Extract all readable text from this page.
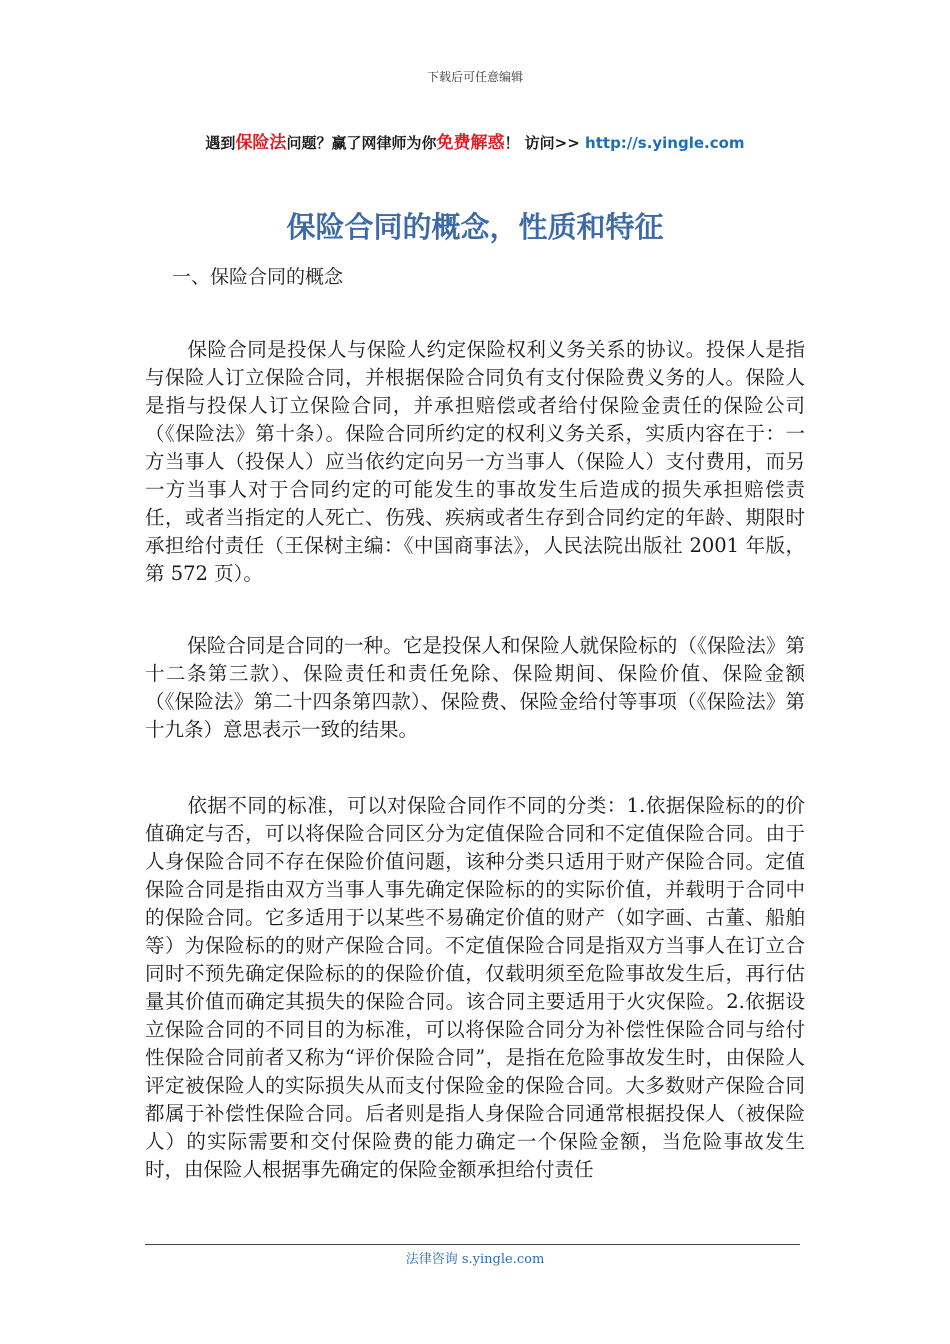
下载后可任意编辑
遇到保险法问题？赢了网律师为你免费解惑！ 访问>> http://s.yingle.com
保险合同的概念，性质和特征
一、保险合同的概念

保险合同是投保人与保险人约定保险权利义务关系的协议。投保人是指与保险人订立保险合同，并根据保险合同负有支付保险费义务的人。保险人是指与投保人订立保险合同，并承担赔偿或者给付保险金责任的保险公司（《保险法》第十条）。保险合同所约定的权利义务关系，实质内容在于：一方当事人（投保人）应当依约定向另一方当事人（保险人）支付费用，而另一方当事人对于合同约定的可能发生的事故发生后造成的损失承担赔偿责任，或者当指定的人死亡、伤残、疾病或者生存到合同约定的年龄、期限时承担给付责任（王保树主编：《中国商事法》，人民法院出版社 2001 年版，第 572 页）。

保险合同是合同的一种。它是投保人和保险人就保险标的（《保险法》第十二条第三款）、保险责任和责任免除、保险期间、保险价值、保险金额（《保险法》第二十四条第四款）、保险费、保险金给付等事项（《保险法》第十九条）意思表示一致的结果。

依据不同的标准，可以对保险合同作不同的分类：1.依据保险标的的价值确定与否，可以将保险合同区分为定值保险合同和不定值保险合同。由于人身保险合同不存在保险价值问题，该种分类只适用于财产保险合同。定值保险合同是指由双方当事人事先确定保险标的的实际价值，并载明于合同中的保险合同。它多适用于以某些不易确定价值的财产（如字画、古董、船舶等）为保险标的的财产保险合同。不定值保险合同是指双方当事人在订立合同时不预先确定保险标的的保险价值，仅载明须至危险事故发生后，再行估量其价值而确定其损失的保险合同。该合同主要适用于火灾保险。2.依据设立保险合同的不同目的为标准，可以将保险合同分为补偿性保险合同与给付性保险合同前者又称为“评价保险合同”，是指在危险事故发生时，由保险人评定被保险人的实际损失从而支付保险金的保险合同。大多数财产保险合同都属于补偿性保险合同。后者则是指人身保险合同通常根据投保人（被保险人）的实际需要和交付保险费的能力确定一个保险金额，当危险事故发生时，由保险人根据事先确定的保险金额承担给付责任

法律咨询 s.yingle.com
